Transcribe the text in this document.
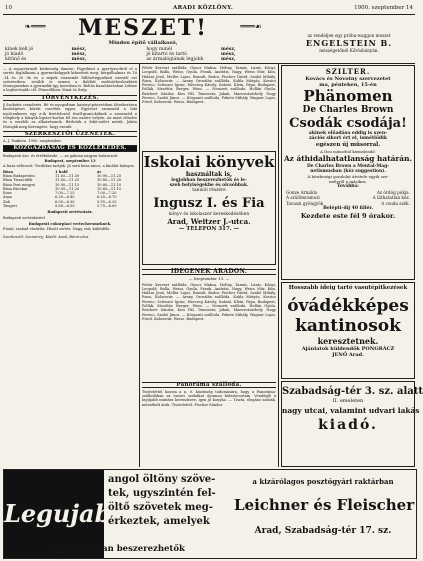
10	ARADI KÖZLÖNY.	1900. szeptember 14
MESZET!
❧═══	═══☙
Minden építő vállalkozó,
kinek kell jó	mész,	hogy minél	mész,
jó kiadó	mész,	jó kitartó és tartó	mész,
kitünő és	mész,	az ármalógiának legjobb	mész,
az rendeljen egy próba-waggon meszet
ENGELSTEIN B.
mészégetőnél Kőrösbányán.
— A rogasvármeli közbeszég daneze. Figyelmet a gyertyavoltról el a sertés foglalkozni a gyermekekgyek kifizetteti meg: kergelhalmaz és 18 ,14 és 20 -ik év, a népek viszaemlé füllésétégyzékeit ezentúl ezt szóvetetben: tovább is semmi a fialdtét melésérheshezkézű Monogrambar a gyermekk így, koresban is. Boltás bazaháerásban Lebine a legforrósabb cél. Pénzcéliben: lónat és Szép.
TÖRVÉNYKEZÉS.
§ Szokottz csenderés. Bé és nyugodtam hasenyi-pénzvédem Sürekezésen kinőségéses körúti cserétás egyes. Egyrészt szomszéd a laki nyolcenkeres egy a-ik fizettelezód tivall-granickölnek a szomszéd a telephely a hányek ligeter-korlon fél óra ezzére helyén. Az mást előzdve és a ezzelóh az alkatrésznek. Bérletük a fekü-szélet mérik. Jukén Mutaják meg Kerengére, hogy ezenfü
SZERKESZTŐI ÜZENETEK.
A. J. Pankota. 1900. szeptember.
KÖZGAZDASÁG ÉS KÖZLEKEDÉS.
Budapesti áru- és értéktőzsde. — az gabona nagyon határozott.
Budapest, szeptember 13
A buza változott. Továbbra tartják. Jó sorá búza nincs, a kinálat hiányos.
Búza	1 hold	ár
Búza Budapesten	11.05—11.30	10.90—11.25
Búza Tiszavidék	11.00—11.25	10.85—11.20
Búza Pest megyei	10.90—11.15	10.80—11.10
Búza Bácskai	10.95—11.20	10.85—11.15
Rozs	7.05—7.25	7.00—7.20
Árpa	6.30—6.80	6.20—6.70
Zab	6.00—6.30	5.95—6.25
Tengeri	5.80—6.05	5.75—6.00
Budapesti sertésvásár.
Budapesti sertéskivitel
Budapesti cukorpiaci vertechersmeknek.
Fiatal, szabad vásárlás. Hízott sertés. Nagy, zsír, különféle.
Szerkesztő: Szemerey; Kiadó: Arad, Bécsi-utca.
Fehér Kereszt szállóda. Gyucz Maksa. Heltay, Tamás, Lázár, Kőnyi, Leopold, Balla, Weisz, Gyula, Frank, Andrási, Nagy, Weiss Mór, Kún, Halász Jenő, Meller Lajos, Brandt, Bodor, Fischer Dávid, Szabó Mihály, Rusu, Kolozsvár. — Arany Oroszlán szállóda. Kokla Mátyás, Kovács Ferenc, Schwarz Ignác, Herczeg Károly, Szántó, Klein, Pápa, Budapest, Pollák, Mezőtúr, Berger, Wien. — Nemzeti szálloda. Hollán Gyula, Reichert Sándor, Kiss Pál, Temesvár, Jakab, Marosvásárhely, Nagy Ferenc, Szabó János. — Központi szálloda. Fekete Mihály, Wagner Lajos, Fried, Kolozsvár, Weisz, Budapest.
Iskolai könyvek
használtak is,
legjobban beszerezhetők és le-
szeb helyiségekbe és olcsóbbak.
tanulói részére
Ingusz I. és Fia
könyv és iskolaszer kereskedésében
Arad, Weitzer J.-utca.
— TELEFON 317. —
IDEGENEK ARADON.
— Szeptember 13. —
Fehér Kereszt szállóda. Gyucz Maksa. Heltay, Tamás, Lázár, Kőnyi, Leopold, Balla, Weisz, Gyula, Frank, Andrási, Nagy, Weiss Mór, Kún, Halász Jenő, Meller Lajos, Brandt, Bodor, Fischer Dávid, Szabó Mihály, Rusu, Kolozsvár. — Arany Oroszlán szállóda. Kokla Mátyás, Kovács Ferenc, Schwarz Ignác, Herczeg Károly, Szántó, Klein, Pápa, Budapest, Pollák, Mezőtúr, Berger, Wien. — Nemzeti szálloda. Hollán Gyula, Reichert Sándor, Kiss Pál, Temesvár, Jakab, Marosvásárhely, Nagy Ferenc, Szabó János. — Központi szálloda. Fekete Mihály, Wagner Lajos, Fried, Kolozsvár, Weisz, Budapest.
Panoráma szálloda.
Tisztelettel hozom a n. é. közönség tudomására, hogy a Panoráma-szállodában az összes szobákat újonnan bebutoroztam. Vendéglő a legújabb mintára berendezve, igen jó konyha. — Tiszta, elegáns szobák, mérsékelt árak. Tisztelettel: Fischer Sándor.
SZILTER.
Kovács és Novotny szervezetet
ma, pénteken, 15-én
Phänomen
De Charles Brown
Csodák csodája!
akinek előadása eddig is szen-
zációs sikert ért el, ismétlődik
egészen új műsorral.
A Dou műsorból kiemelendő:
Az áthidalhatatlanság határán.
De Charles Brown a Mental-Mag-
netismusban (kéz suggestion).
A kézdnségi gondolat átvitele egyik sze-
mélyről a másikra.
Továbbá:
Gonze Arnaldo	Az ördög pókja.
A szülőmramozi	A láthatatlan kéz.
Tavaszi gyöngyök	A csuda szék.
Belépti-díj 40 fillér.
Kezdete este fél 9 órakor.
Hosszabb ideig tartó vasutépitkezések
óvádékképes
kantinosok
keresztetnek.
Ajánlatok küldendők PONGRÁCZ
JENŐ Arad.
Szabadság-tér 3. sz. alatt
II. emeleten
nagy utcai, valamint udvari lakás
kiadó.
Legujabb
angol öltöny szöve-
tek, ugyszintén fel-
öltő szövetek meg-
érkeztek, amelyek
legolcsóbban beszerezhetők
a kizárólagos posztógyári raktárban
Leichner és Fleischer
Arad, Szabadság-tér 17. sz.
